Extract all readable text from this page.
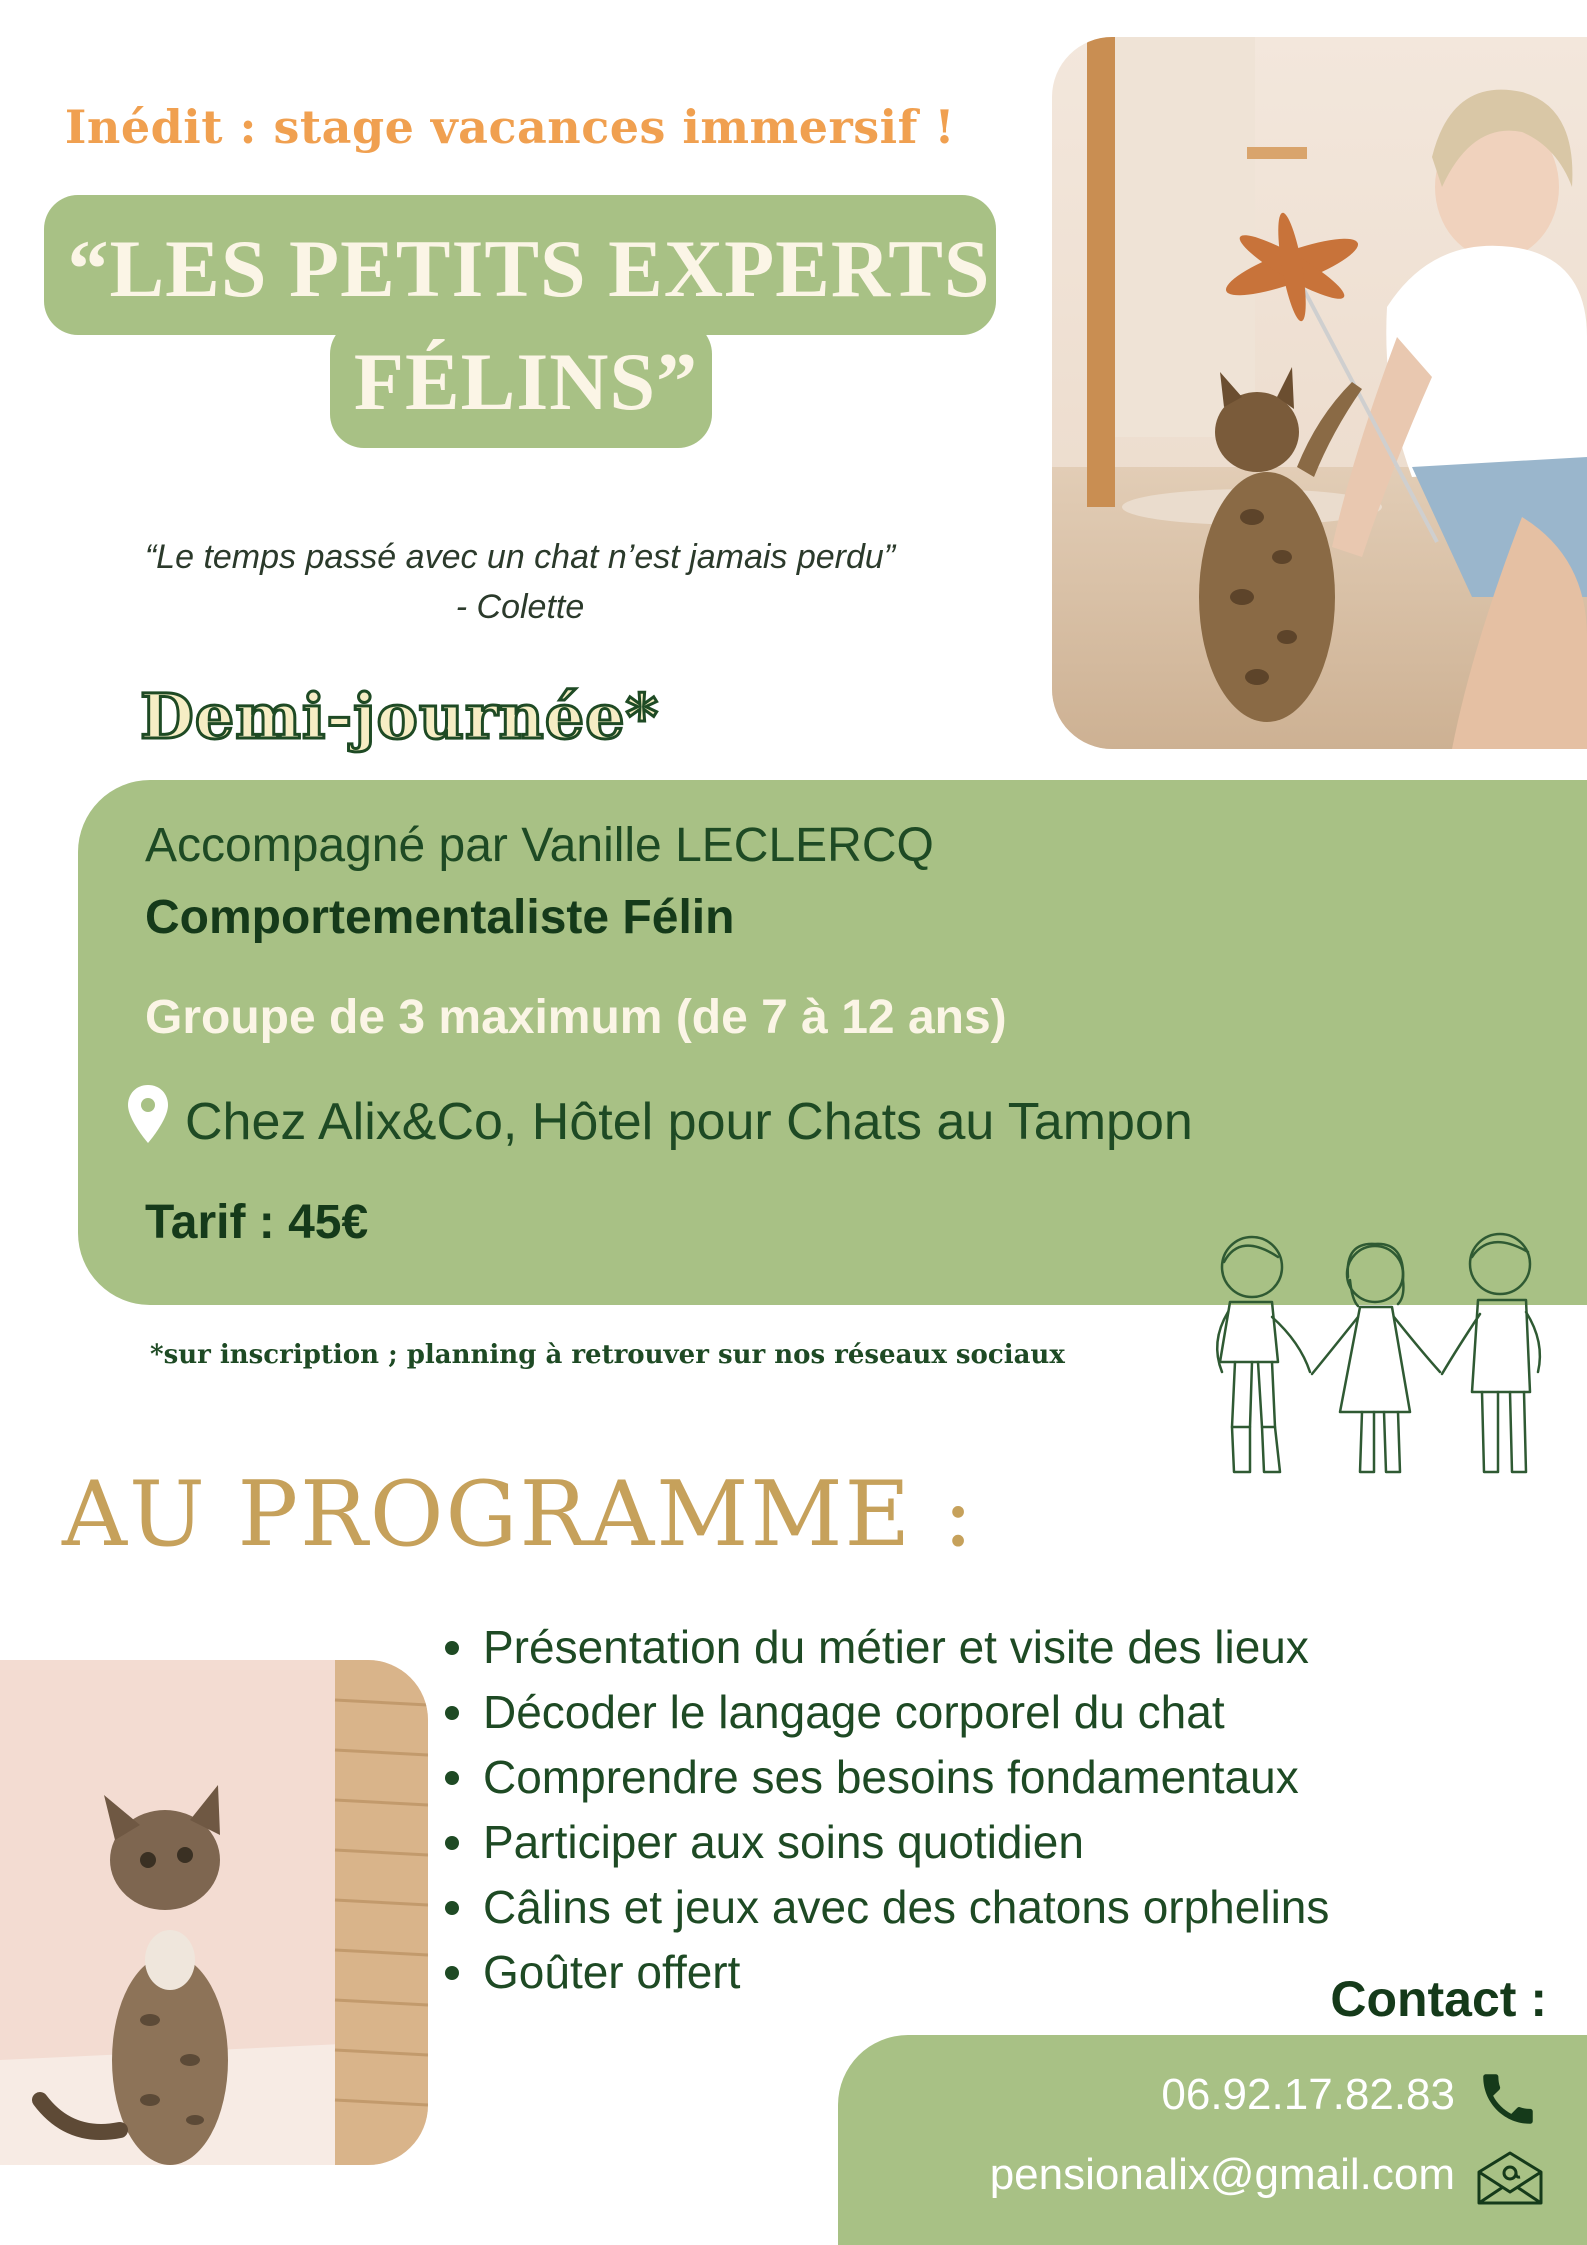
Inédit : stage vacances immersif !
“LES PETITS EXPERTS
FÉLINS”
“Le temps passé avec un chat n’est jamais perdu”
- Colette
Demi-journée*
Accompagné par Vanille LECLERCQ
Comportementaliste Félin
Groupe de 3 maximum (de 7 à 12 ans)
Chez Alix&Co, Hôtel pour Chats au Tampon
Tarif : 45€
*sur inscription ; planning à retrouver sur nos réseaux sociaux
AU PROGRAMME :
Présentation du métier et visite des lieux
Décoder le langage corporel du chat
Comprendre ses besoins fondamentaux
Participer aux soins quotidien
Câlins et jeux avec des chatons orphelins
Goûter offert	Contact :
06.92.17.82.83
pensionalix@gmail.com
